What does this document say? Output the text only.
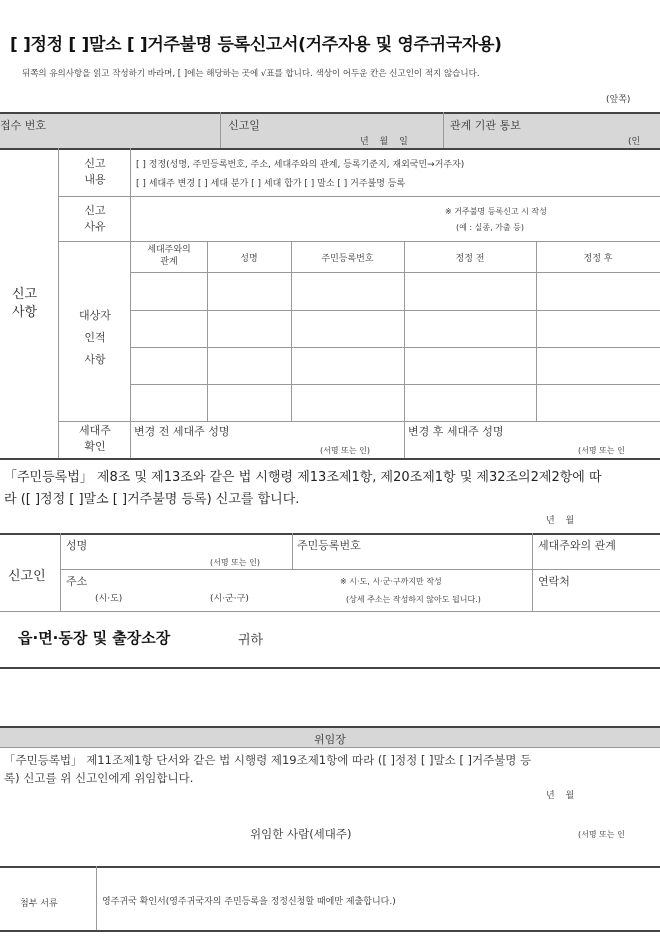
[ ]정정 [ ]말소 [ ]거주불명 등록신고서(거주자용 및 영주귀국자용)
뒤쪽의 유의사항을 읽고 작성하기 바라며, [ ]에는 해당하는 곳에 √표를 합니다. 색상이 어두운 칸은 신고인이 적지 않습니다.
(앞쪽)
접수 번호	신고일
년 월 일
관계 기관 통보
(인
신고
사항
신고
내용
[ ] 정정(성명, 주민등록번호, 주소, 세대주와의 관계, 등록기준지, 재외국민→거주자)
[ ] 세대주 변경 [ ] 세대 분가 [ ] 세대 합가 [ ] 말소 [ ] 거주불명 등록
신고
사유
※ 거주불명 등록신고 시 작성
(예 : 실종, 가출 등)
대상자
인적
사항
세대주와의
관계	성명	주민등록번호	정정 전	정정 후
세대주
확인
변경 전 세대주 성명
(서명 또는 인)
변경 후 세대주 성명
(서명 또는 인
「주민등록법」 제8조 및 제13조와 같은 법 시행령 제13조제1항, 제20조제1항 및 제32조의2제2항에 따
라 ([ ]정정 [ ]말소 [ ]거주불명 등록) 신고를 합니다.
년 월
신고인
성명
(서명 또는 인)
주민등록번호	세대주와의 관계
주소	※ 시·도, 시·군·구까지만 작성
(상세 주소는 작성하지 않아도 됩니다.)
(시·도)	(시·군·구)
연락처
읍·면·동장 및 출장소장	귀하
위임장
「주민등록법」 제11조제1항 단서와 같은 법 시행령 제19조제1항에 따라 ([ ]정정 [ ]말소 [ ]거주불명 등
록) 신고를 위 신고인에게 위임합니다.
년 월
위임한 사람(세대주)	(서명 또는 인
첨부 서류	영주귀국 확인서(영주귀국자의 주민등록을 정정신청할 때에만 제출합니다.)
